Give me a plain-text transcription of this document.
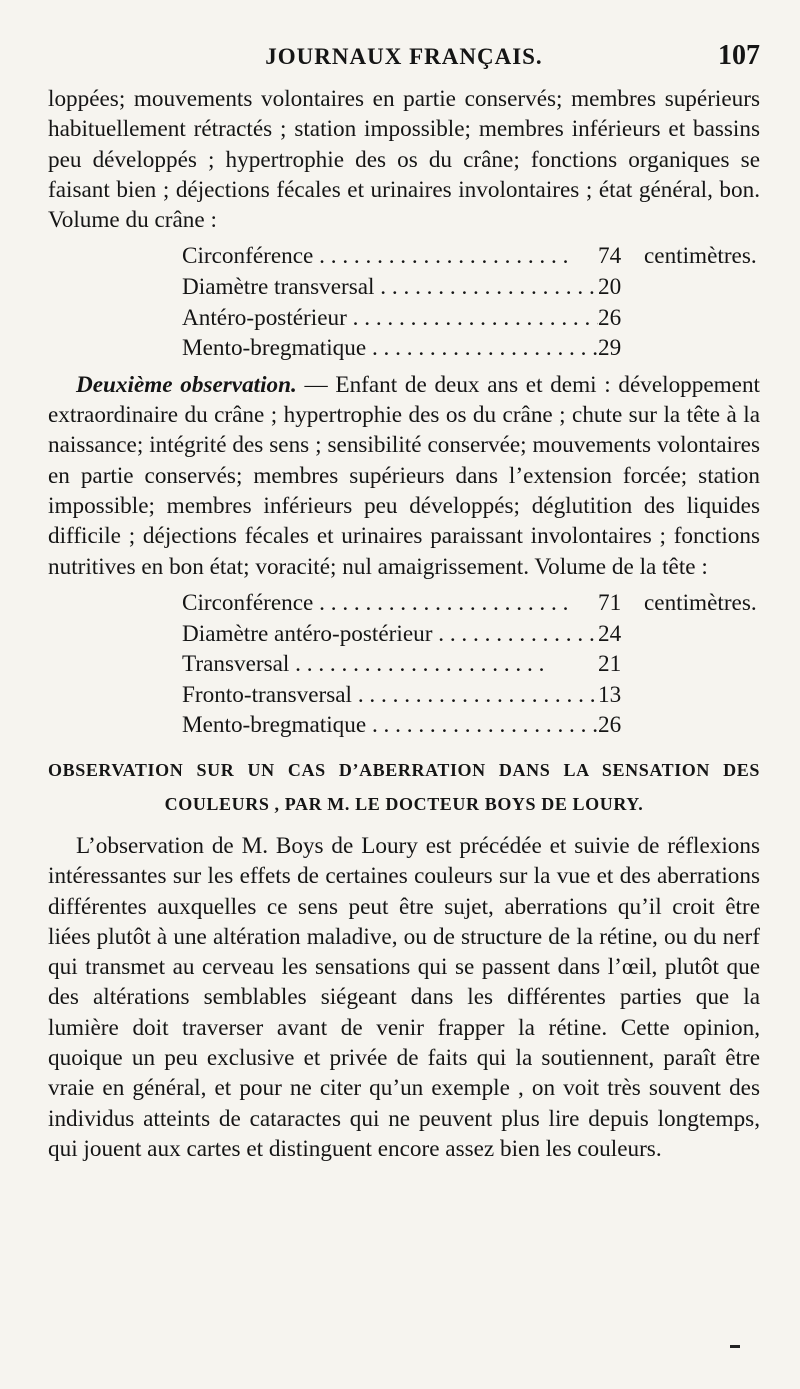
JOURNAUX FRANÇAIS.	107

loppées; mouvements volontaires en partie conservés; membres supérieurs habituellement rétractés ; station impossible; membres inférieurs et bassins peu développés ; hypertrophie des os du crâne; fonctions organiques se faisant bien ; déjections fécales et urinaires involontaires ; état général, bon. Volume du crâne :

Circonférence . . .	74 centimètres.
Diamètre transversal . . .	20
Antéro-postérieur . . .	26
Mento-bregmatique . . .	29

Deuxième observation. — Enfant de deux ans et demi : développement extraordinaire du crâne ; hypertrophie des os du crâne ; chute sur la tête à la naissance; intégrité des sens ; sensibilité conservée; mouvements volontaires en partie conservés; membres supérieurs dans l’extension forcée; station impossible; membres inférieurs peu développés; déglutition des liquides difficile ; déjections fécales et urinaires paraissant involontaires ; fonctions nutritives en bon état; voracité; nul amaigrissement. Volume de la tête :

Circonférence . . .	71 centimètres.
Diamètre antéro-postérieur . . .	24
Transversal . . .	21
Fronto-transversal . . .	13
Mento-bregmatique . . .	26
OBSERVATION SUR UN CAS D’ABERRATION DANS LA SENSATION DES
COULEURS , PAR M. LE DOCTEUR BOYS DE LOURY.

L’observation de M. Boys de Loury est précédée et suivie de réflexions intéressantes sur les effets de certaines couleurs sur la vue et des aberrations différentes auxquelles ce sens peut être sujet, aberrations qu’il croit être liées plutôt à une altération maladive, ou de structure de la rétine, ou du nerf qui transmet au cerveau les sensations qui se passent dans l’œil, plutôt que des altérations semblables siégeant dans les différentes parties que la lumière doit traverser avant de venir frapper la rétine. Cette opinion, quoique un peu exclusive et privée de faits qui la soutiennent, paraît être vraie en général, et pour ne citer qu’un exemple , on voit très souvent des individus atteints de cataractes qui ne peuvent plus lire depuis longtemps, qui jouent aux cartes et distinguent encore assez bien les couleurs.
